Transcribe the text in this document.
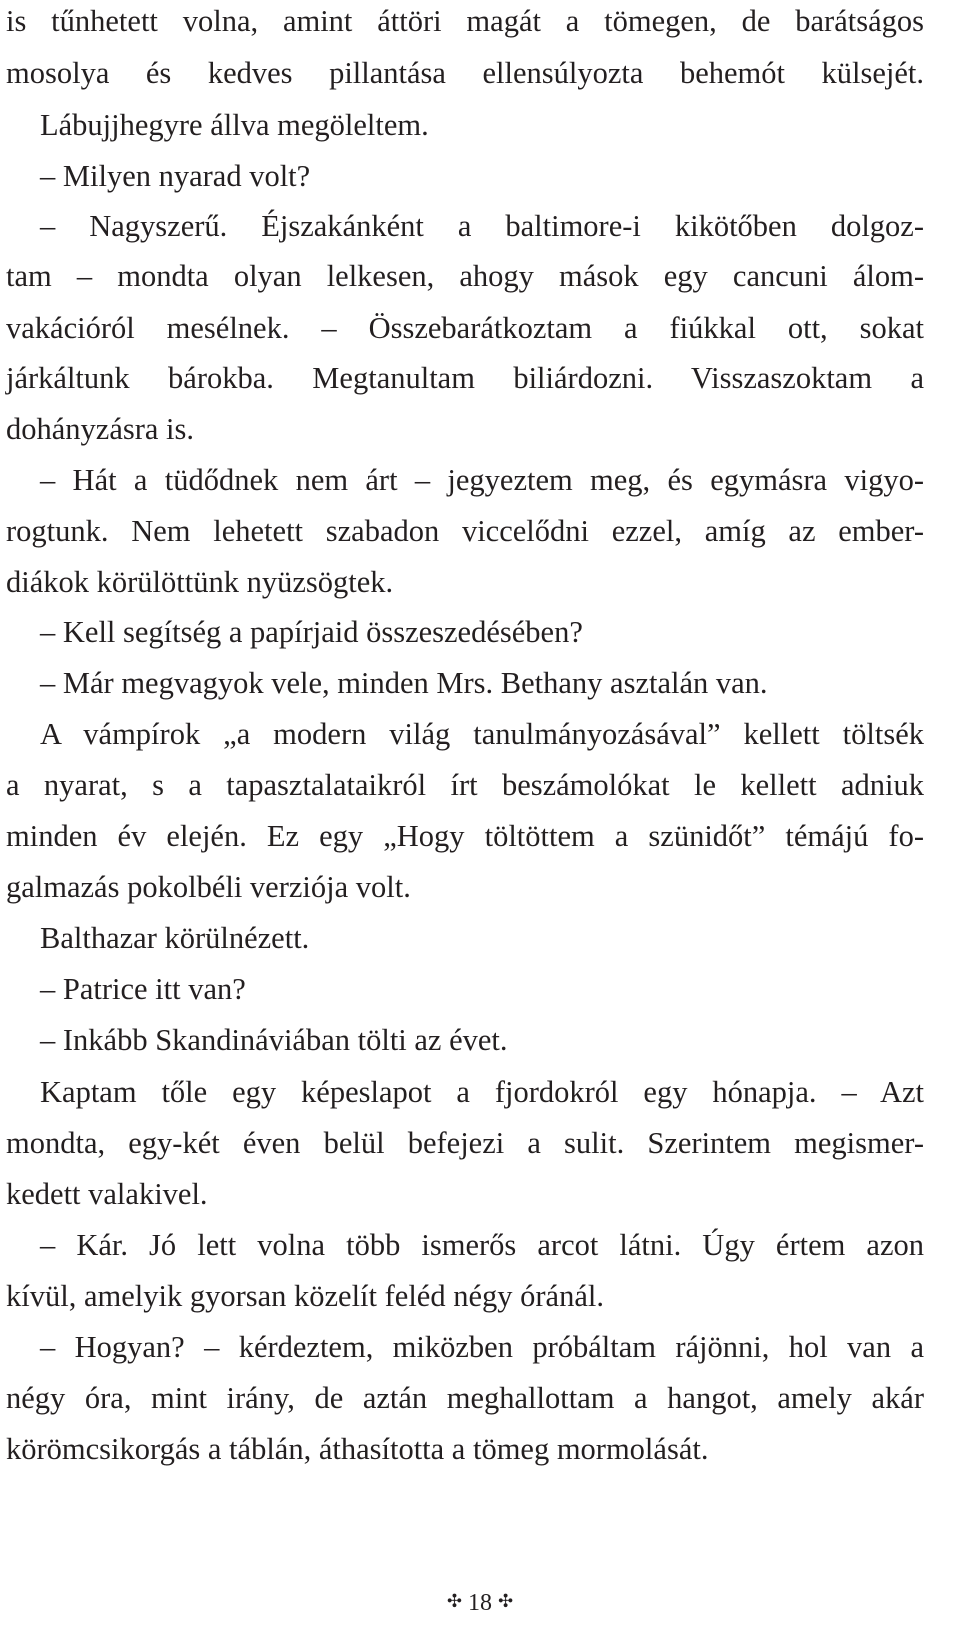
is tűnhetett volna, amint áttöri magát a tömegen, de barátságos
mosolya és kedves pillantása ellensúlyozta behemót külsejét.
Lábujjhegyre állva megöleltem.
– Milyen nyarad volt?
– Nagyszerű. Éjszakánként a baltimore-i kikötőben dolgoz-
tam – mondta olyan lelkesen, ahogy mások egy cancuni álom-
vakációról mesélnek. – Összebarátkoztam a fiúkkal ott, sokat
járkáltunk bárokba. Megtanultam biliárdozni. Visszaszoktam a
dohányzásra is.
– Hát a tüdődnek nem árt – jegyeztem meg, és egymásra vigyo-
rogtunk. Nem lehetett szabadon viccelődni ezzel, amíg az ember-
diákok körülöttünk nyüzsögtek.
– Kell segítség a papírjaid összeszedésében?
– Már megvagyok vele, minden Mrs. Bethany asztalán van.
A vámpírok „a modern világ tanulmányozásával” kellett töltsék
a nyarat, s a tapasztalataikról írt beszámolókat le kellett adniuk
minden év elején. Ez egy „Hogy töltöttem a szünidőt” témájú fo-
galmazás pokolbéli verziója volt.
Balthazar körülnézett.
– Patrice itt van?
– Inkább Skandináviában tölti az évet.
Kaptam tőle egy képeslapot a fjordokról egy hónapja. – Azt
mondta, egy-két éven belül befejezi a sulit. Szerintem megismer-
kedett valakivel.
– Kár. Jó lett volna több ismerős arcot látni. Úgy értem azon
kívül, amelyik gyorsan közelít feléd négy óránál.
– Hogyan? – kérdeztem, miközben próbáltam rájönni, hol van a
négy óra, mint irány, de aztán meghallottam a hangot, amely akár
körömcsikorgás a táblán, áthasította a tömeg mormolását.
✣ 18 ✣
